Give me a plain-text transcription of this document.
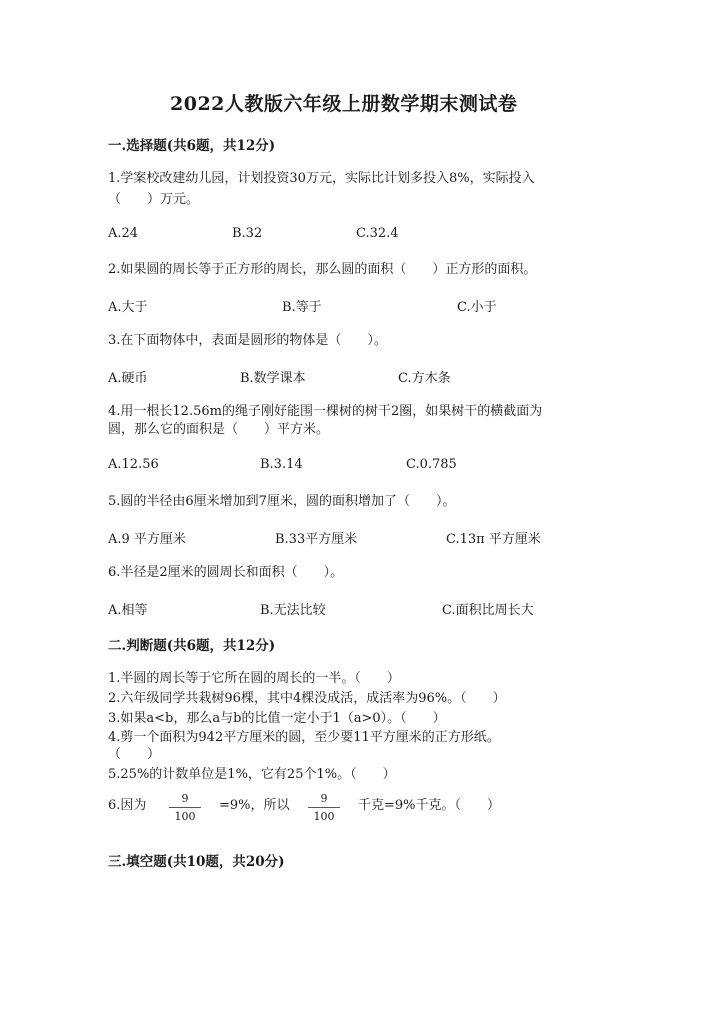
2022人教版六年级上册数学期末测试卷
一.选择题(共6题，共12分)
1.学案校改建幼儿园，计划投资30万元，实际比计划多投入8%，实际投入
（　　）万元。
A.24	B.32	C.32.4
2.如果圆的周长等于正方形的周长，那么圆的面积（　　）正方形的面积。
A.大于	B.等于	C.小于
3.在下面物体中，表面是圆形的物体是（　　）。
A.硬币	B.数学课本	C.方木条
4.用一根长12.56m的绳子刚好能围一棵树的树干2圈，如果树干的横截面为
圆，那么它的面积是（　　）平方米。
A.12.56	B.3.14	C.0.785
5.圆的半径由6厘米增加到7厘米，圆的面积增加了（　　）。
A.9 平方厘米	B.33平方厘米	C.13π 平方厘米
6.半径是2厘米的圆周长和面积（　　）。
A.相等	B.无法比较	C.面积比周长大
二.判断题(共6题，共12分)
1.半圆的周长等于它所在圆的周长的一半。（　　）
2.六年级同学共栽树96棵，其中4棵没成活，成活率为96%。（　　）
3.如果a<b，那么a与b的比值一定小于1（a>0）。（　　）
4.剪一个面积为942平方厘米的圆，至少要11平方厘米的正方形纸。
（　　）
5.25%的计数单位是1%，它有25个1%。（　　）
6.因为 $\frac{9}{100} =9\%$，所以 $\frac{9}{100}$ 千克=9%千克。（　　）
三.填空题(共10题，共20分)
